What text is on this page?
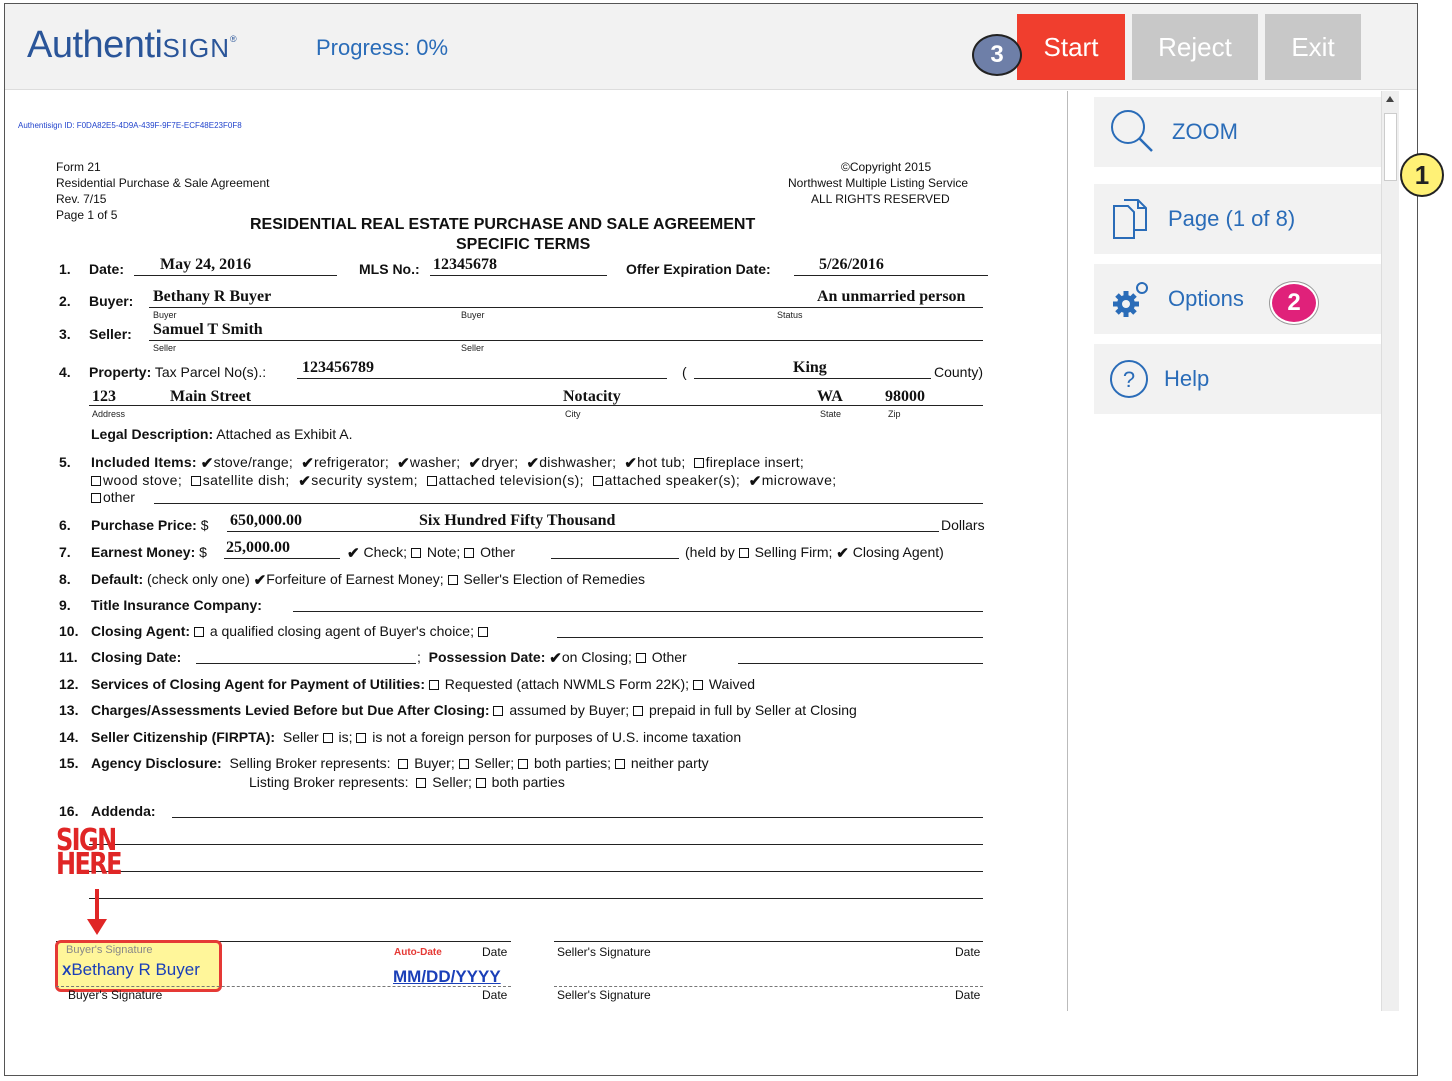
AuthentiSIGN®	Progress: 0%	3	Start	Reject	Exit
Authentisign ID: F0DA82E5-4D9A-439F-9F7E-ECF48E23F0F8
Form 21
Residential Purchase & Sale Agreement
Rev. 7/15
Page 1 of 5
©Copyright 2015
Northwest Multiple Listing Service
ALL RIGHTS RESERVED
RESIDENTIAL REAL ESTATE PURCHASE AND SALE AGREEMENT
SPECIFIC TERMS
1. Date: May 24, 2016	MLS No.: 12345678	Offer Expiration Date:	5/26/2016
2. Buyer: Bethany R Buyer	An unmarried person
Buyer	Buyer	Status
3. Seller: Samuel T Smith
Seller	Seller
4. Property: Tax Parcel No(s).: 123456789	(	King	County)
123	Main Street	Notacity	WA	98000
Address	City	State	Zip
Legal Description: Attached as Exhibit A.
5. Included Items: ✔stove/range; ✔refrigerator; ✔washer; ✔dryer; ✔dishwasher; ✔hot tub; fireplace insert;
wood stove; satellite dish; ✔security system; attached television(s); attached speaker(s); ✔microwave;
other
6. Purchase Price: $ 650,000.00	Six Hundred Fifty Thousand	Dollars
7. Earnest Money: $ 25,000.00	✔ Check; Note; Other	(held by Selling Firm; ✔ Closing Agent)
8. Default: (check only one) ✔Forfeiture of Earnest Money; Seller's Election of Remedies
9. Title Insurance Company:
10. Closing Agent: a qualified closing agent of Buyer's choice;
11. Closing Date:	; Possession Date: ✔on Closing; Other
12. Services of Closing Agent for Payment of Utilities: Requested (attach NWMLS Form 22K); Waived
13. Charges/Assessments Levied Before but Due After Closing: assumed by Buyer; prepaid in full by Seller at Closing
14. Seller Citizenship (FIRPTA): Seller is; is not a foreign person for purposes of U.S. income taxation
15. Agency Disclosure: Selling Broker represents: Buyer; Seller; both parties; neither party
Listing Broker represents: Seller; both parties
16. Addenda:
SIGN HERE
Buyer's Signature
XBethany R Buyer
Auto-Date	Date	Seller's Signature	Date
MM/DD/YYYY
Buyer's Signature	Date	Seller's Signature	Date
ZOOM
Page (1 of 8)
Options
? Help
2
1
